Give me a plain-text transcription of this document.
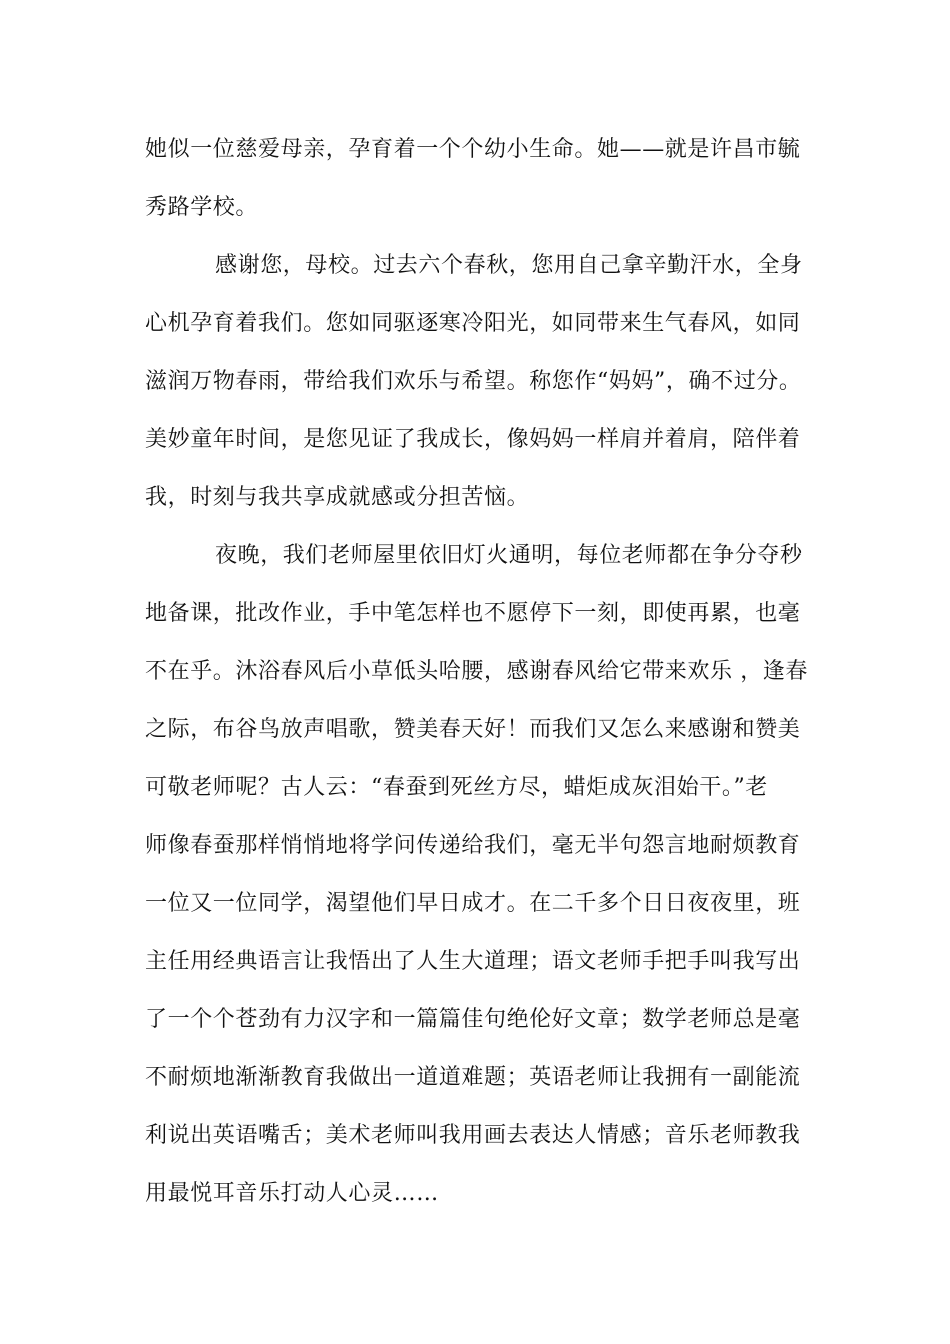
她似一位慈爱母亲，孕育着一个个幼小生命。她——就是许昌市毓
秀路学校。
感谢您，母校。过去六个春秋，您用自己拿辛勤汗水，全身
心机孕育着我们。您如同驱逐寒冷阳光，如同带来生气春风，如同
滋润万物春雨，带给我们欢乐与希望。称您作“妈妈”，确不过分。
美妙童年时间，是您见证了我成长，像妈妈一样肩并着肩，陪伴着
我，时刻与我共享成就感或分担苦恼。
夜晚，我们老师屋里依旧灯火通明，每位老师都在争分夺秒
地备课，批改作业，手中笔怎样也不愿停下一刻，即使再累，也毫
不在乎。沐浴春风后小草低头哈腰，感谢春风给它带来欢乐 ，逢春
之际，布谷鸟放声唱歌，赞美春天好！而我们又怎么来感谢和赞美
可敬老师呢？古人云：“春蚕到死丝方尽，蜡炬成灰泪始干。”老
师像春蚕那样悄悄地将学问传递给我们，毫无半句怨言地耐烦教育
一位又一位同学，渴望他们早日成才。在二千多个日日夜夜里，班
主任用经典语言让我悟出了人生大道理；语文老师手把手叫我写出
了一个个苍劲有力汉字和一篇篇佳句绝伦好文章；数学老师总是毫
不耐烦地渐渐教育我做出一道道难题；英语老师让我拥有一副能流
利说出英语嘴舌；美术老师叫我用画去表达人情感；音乐老师教我
用最悦耳音乐打动人心灵……
